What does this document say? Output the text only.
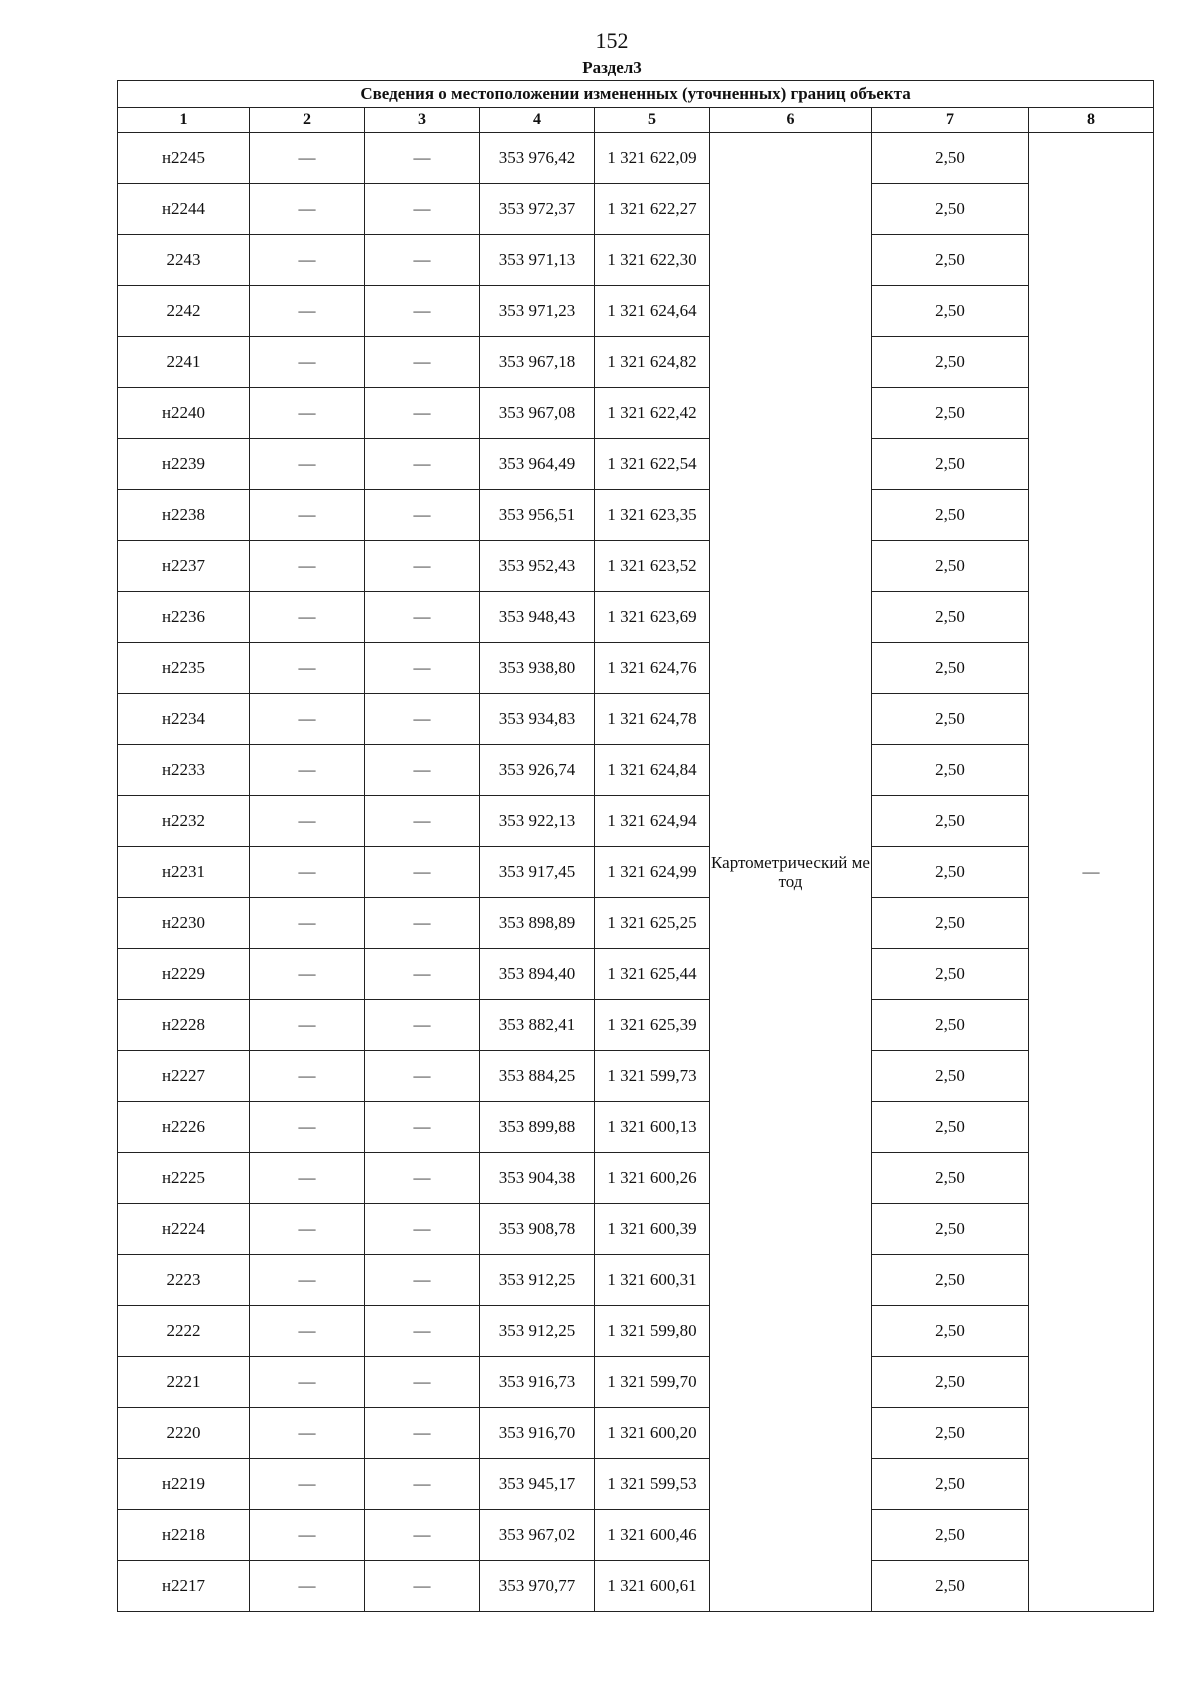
152
Раздел3
Сведения о местоположении измененных (уточненных) границ объекта							
1	2	3	4	5	6	7	8
н2245	—	—	353 976,42	1 321 622,09	Картометрический метод	2,50	—
н2244	—	—	353 972,37	1 321 622,27		2,50	
2243	—	—	353 971,13	1 321 622,30		2,50	
2242	—	—	353 971,23	1 321 624,64		2,50	
2241	—	—	353 967,18	1 321 624,82		2,50	
н2240	—	—	353 967,08	1 321 622,42		2,50	
н2239	—	—	353 964,49	1 321 622,54		2,50	
н2238	—	—	353 956,51	1 321 623,35		2,50	
н2237	—	—	353 952,43	1 321 623,52		2,50	
н2236	—	—	353 948,43	1 321 623,69		2,50	
н2235	—	—	353 938,80	1 321 624,76		2,50	
н2234	—	—	353 934,83	1 321 624,78		2,50	
н2233	—	—	353 926,74	1 321 624,84		2,50	
н2232	—	—	353 922,13	1 321 624,94		2,50	
н2231	—	—	353 917,45	1 321 624,99		2,50	
н2230	—	—	353 898,89	1 321 625,25		2,50	
н2229	—	—	353 894,40	1 321 625,44		2,50	
н2228	—	—	353 882,41	1 321 625,39		2,50	
н2227	—	—	353 884,25	1 321 599,73		2,50	
н2226	—	—	353 899,88	1 321 600,13		2,50	
н2225	—	—	353 904,38	1 321 600,26		2,50	
н2224	—	—	353 908,78	1 321 600,39		2,50	
2223	—	—	353 912,25	1 321 600,31		2,50	
2222	—	—	353 912,25	1 321 599,80		2,50	
2221	—	—	353 916,73	1 321 599,70		2,50	
2220	—	—	353 916,70	1 321 600,20		2,50	
н2219	—	—	353 945,17	1 321 599,53		2,50	
н2218	—	—	353 967,02	1 321 600,46		2,50	
н2217	—	—	353 970,77	1 321 600,61		2,50	
